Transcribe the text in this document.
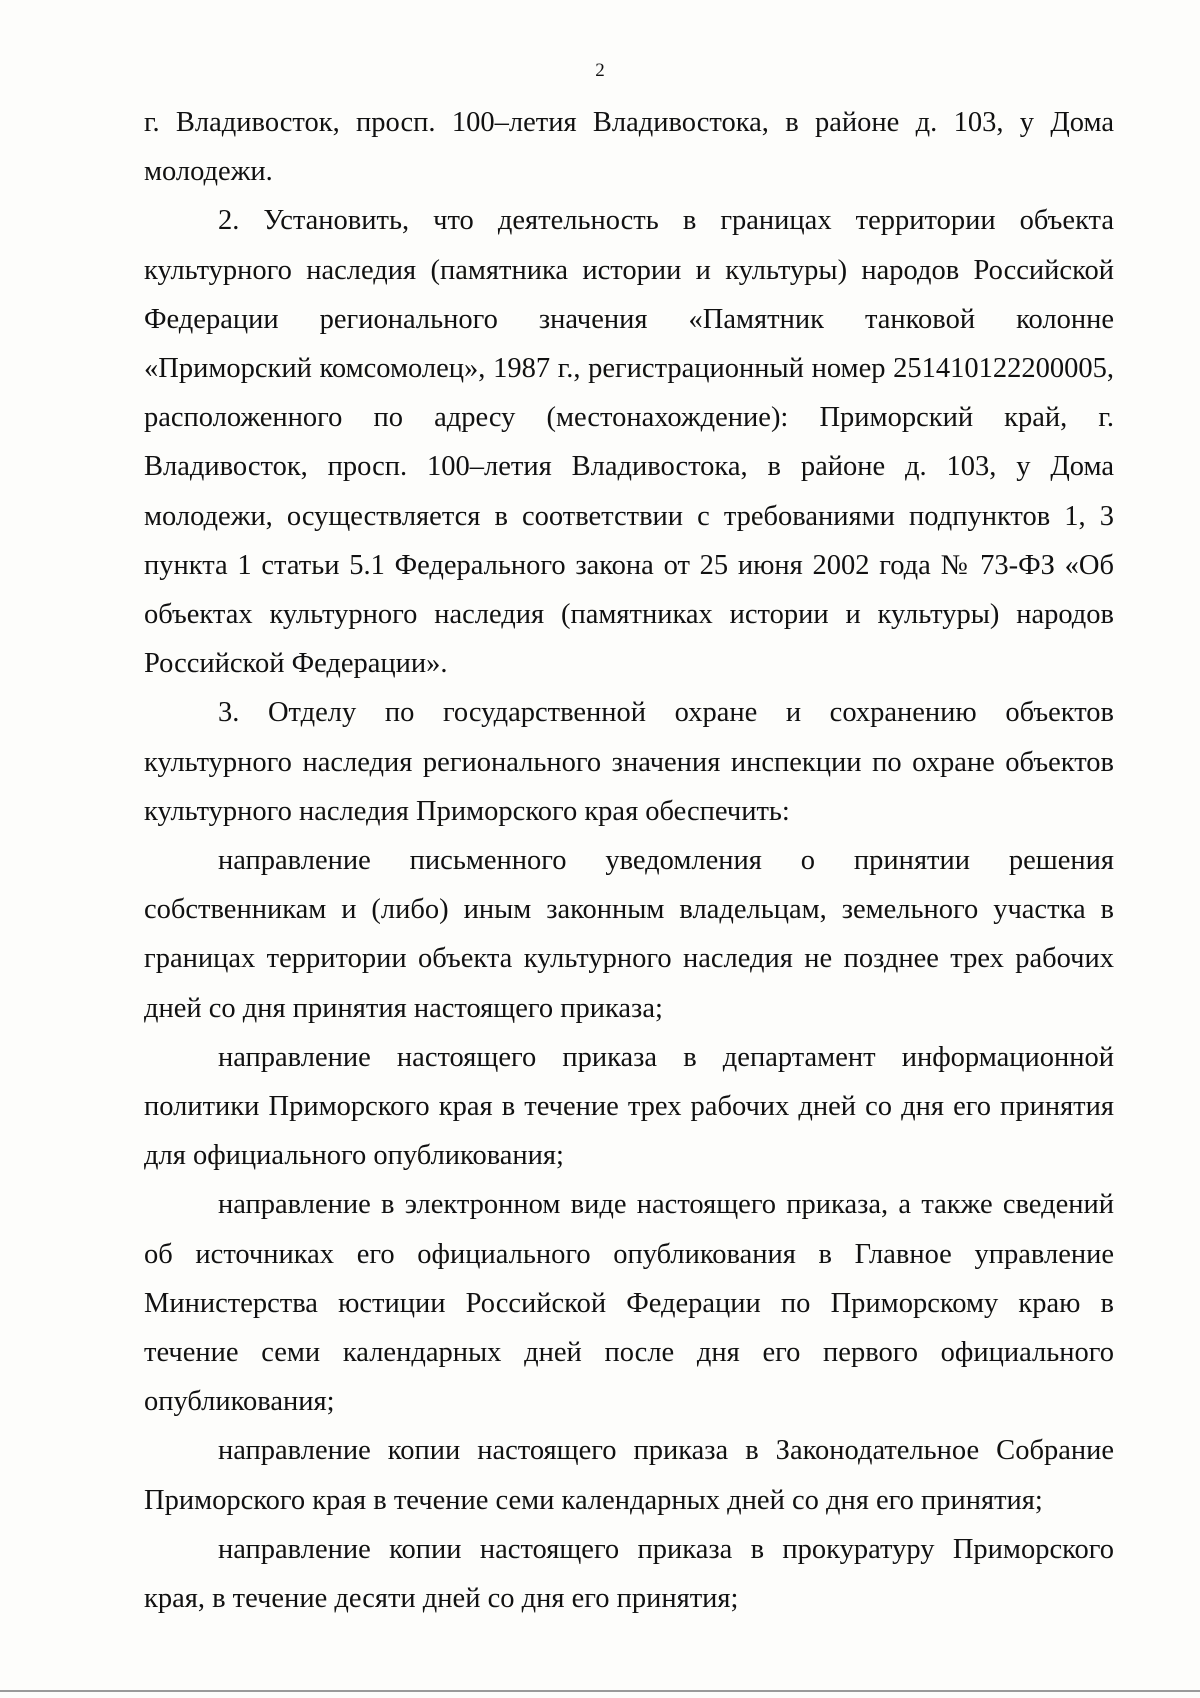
2

г. Владивосток, просп. 100–летия Владивостока, в районе д. 103, у Дома молодежи.

2. Установить, что деятельность в границах территории объекта культурного наследия (памятника истории и культуры) народов Российской Федерации регионального значения «Памятник танковой колонне «Приморский комсомолец», 1987 г., регистрационный номер 251410122200005, расположенного по адресу (местонахождение): Приморский край, г. Владивосток, просп. 100–летия Владивостока, в районе д. 103, у Дома молодежи, осуществляется в соответствии с требованиями подпунктов 1, 3 пункта 1 статьи 5.1 Федерального закона от 25 июня 2002 года № 73-ФЗ «Об объектах культурного наследия (памятниках истории и культуры) народов Российской Федерации».

3. Отделу по государственной охране и сохранению объектов культурного наследия регионального значения инспекции по охране объектов культурного наследия Приморского края обеспечить:

направление письменного уведомления о принятии решения собственникам и (либо) иным законным владельцам, земельного участка в границах территории объекта культурного наследия не позднее трех рабочих дней со дня принятия настоящего приказа;

направление настоящего приказа в департамент информационной политики Приморского края в течение трех рабочих дней со дня его принятия для официального опубликования;

направление в электронном виде настоящего приказа, а также сведений об источниках его официального опубликования в Главное управление Министерства юстиции Российской Федерации по Приморскому краю в течение семи календарных дней после дня его первого официального опубликования;

направление копии настоящего приказа в Законодательное Собрание Приморского края в течение семи календарных дней со дня его принятия;

направление копии настоящего приказа в прокуратуру Приморского края, в течение десяти дней со дня его принятия;
